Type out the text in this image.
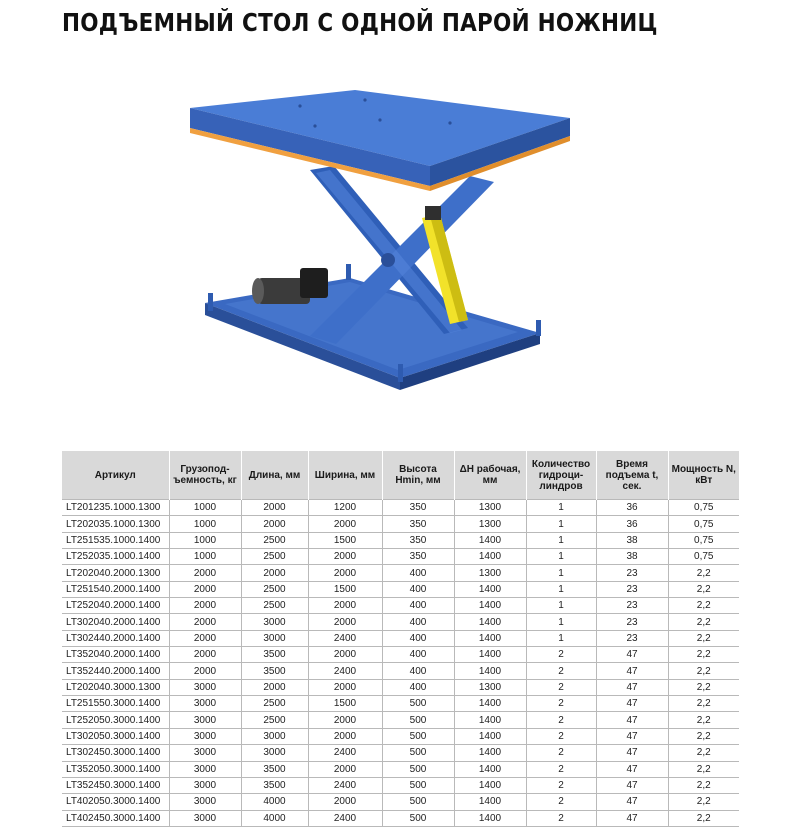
ПОДЪЕМНЫЙ СТОЛ С ОДНОЙ ПАРОЙ НОЖНИЦ
Артикул	Грузопод-ъемность, кг	Длина, мм	Ширина, мм	Высота Hmin, мм	ΔH рабочая, мм	Количество гидроци-линдров	Время подъема t, сек.	Мощность N, кВт
LT201235.1000.1300	1000	2000	1200	350	1300	1	36	0,75
LT202035.1000.1300	1000	2000	2000	350	1300	1	36	0,75
LT251535.1000.1400	1000	2500	1500	350	1400	1	38	0,75
LT252035.1000.1400	1000	2500	2000	350	1400	1	38	0,75
LT202040.2000.1300	2000	2000	2000	400	1300	1	23	2,2
LT251540.2000.1400	2000	2500	1500	400	1400	1	23	2,2
LT252040.2000.1400	2000	2500	2000	400	1400	1	23	2,2
LT302040.2000.1400	2000	3000	2000	400	1400	1	23	2,2
LT302440.2000.1400	2000	3000	2400	400	1400	1	23	2,2
LT352040.2000.1400	2000	3500	2000	400	1400	2	47	2,2
LT352440.2000.1400	2000	3500	2400	400	1400	2	47	2,2
LT202040.3000.1300	3000	2000	2000	400	1300	2	47	2,2
LT251550.3000.1400	3000	2500	1500	500	1400	2	47	2,2
LT252050.3000.1400	3000	2500	2000	500	1400	2	47	2,2
LT302050.3000.1400	3000	3000	2000	500	1400	2	47	2,2
LT302450.3000.1400	3000	3000	2400	500	1400	2	47	2,2
LT352050.3000.1400	3000	3500	2000	500	1400	2	47	2,2
LT352450.3000.1400	3000	3500	2400	500	1400	2	47	2,2
LT402050.3000.1400	3000	4000	2000	500	1400	2	47	2,2
LT402450.3000.1400	3000	4000	2400	500	1400	2	47	2,2
